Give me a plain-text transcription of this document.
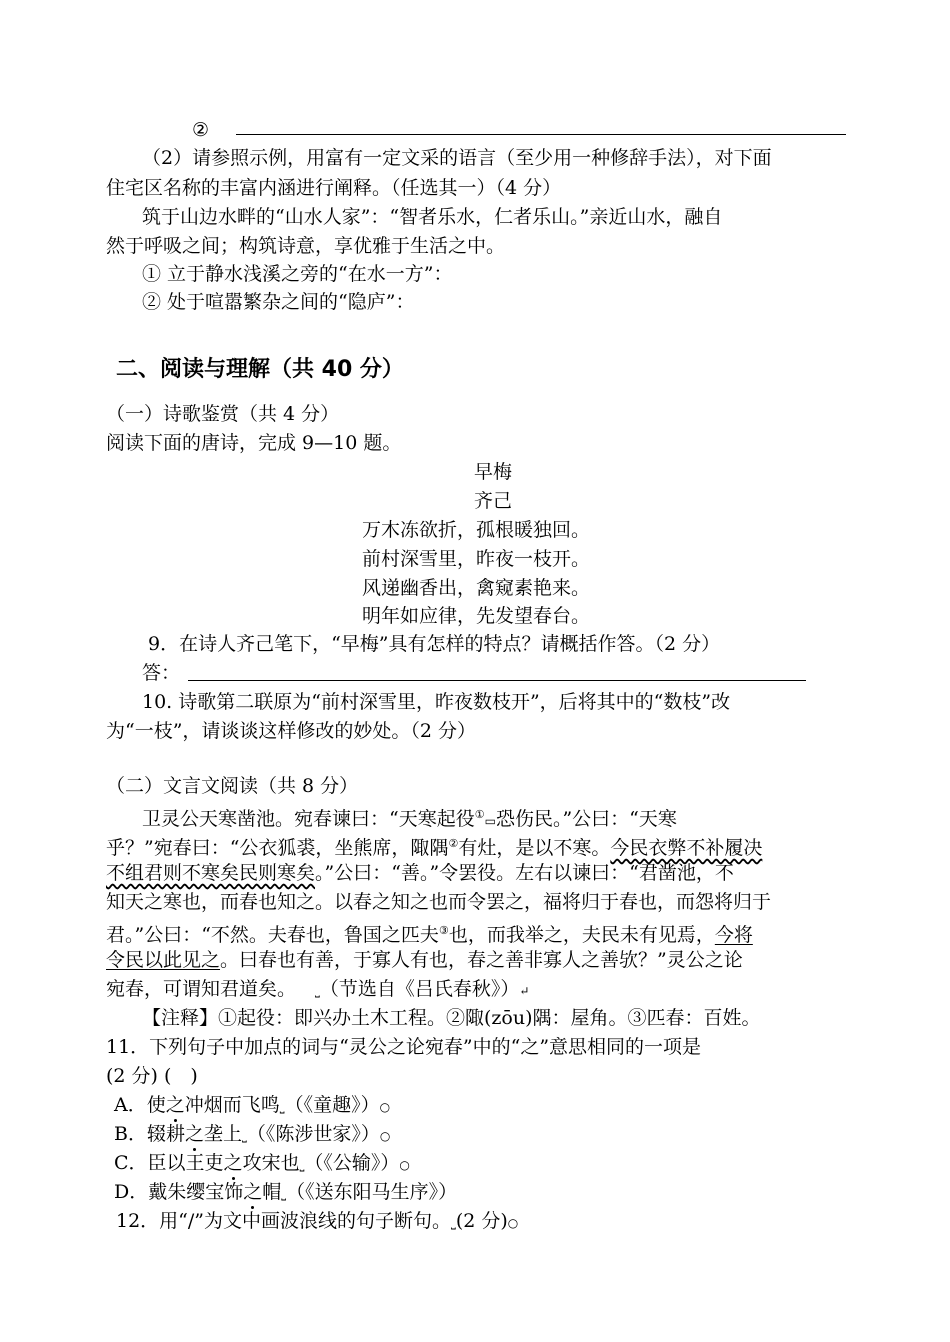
②
（2）请参照示例，用富有一定文采的语言（至少用一种修辞手法），对下面
住宅区名称的丰富内涵进行阐释。（任选其一）（4 分）
筑于山边水畔的“山水人家”：“智者乐水，仁者乐山。”亲近山水，融自
然于呼吸之间；构筑诗意，享优雅于生活之中。
① 立于静水浅溪之旁的“在水一方”：
② 处于喧嚣繁杂之间的“隐庐”：
二、阅读与理解（共 40 分）
（一）诗歌鉴赏（共 4 分）
阅读下面的唐诗，完成 9—10 题。
早梅
齐己
万木冻欲折，孤根暖独回。
前村深雪里，昨夜一枝开。
风递幽香出，禽窥素艳来。
明年如应律，先发望春台。
9．在诗人齐己笔下，“早梅”具有怎样的特点？请概括作答。（2 分）
答：
10. 诗歌第二联原为“前村深雪里，昨夜数枝开”，后将其中的“数枝”改
为“一枝”，请谈谈这样修改的妙处。（2 分）
（二）文言文阅读（共 8 分）
卫灵公天寒凿池。宛春谏曰：“天寒起役①▭恐伤民。”公曰：“天寒
乎？”宛春曰：“公衣狐裘，坐熊席，陬隅②有灶，是以不寒。今民衣弊不补履决
不组君则不寒矣民则寒矣。”公曰：“善。”令罢役。左右以谏曰：“君凿池，不
知天之寒也，而春也知之。以春之知之也而令罢之，福将归于春也，而怨将归于
君。”公曰：“不然。夫春也，鲁国之匹夫③也，而我举之，夫民未有见焉，今将
令民以此见之。曰春也有善，于寡人有也，春之善非寡人之善欤？”灵公之论
宛春，可谓知君道矣。  ⎵（节选自《吕氏春秋》）↵
【注释】①起役：即兴办土木工程。②陬(zōu)隅：屋角。③匹春：百姓。
11．下列句子中加点的词与“灵公之论宛春”中的“之”意思相同的一项是
(2 分) (　)
A．使之冲烟而飞鸣⎵（《童趣》）○
B．辍耕之垄上⎵（《陈涉世家》）○
C．臣以王吏之攻宋也⎵（《公输》）○
D．戴朱缨宝饰之帽⎵（《送东阳马生序》）
12．用“/”为文中画波浪线的句子断句。⎵(2 分)○
